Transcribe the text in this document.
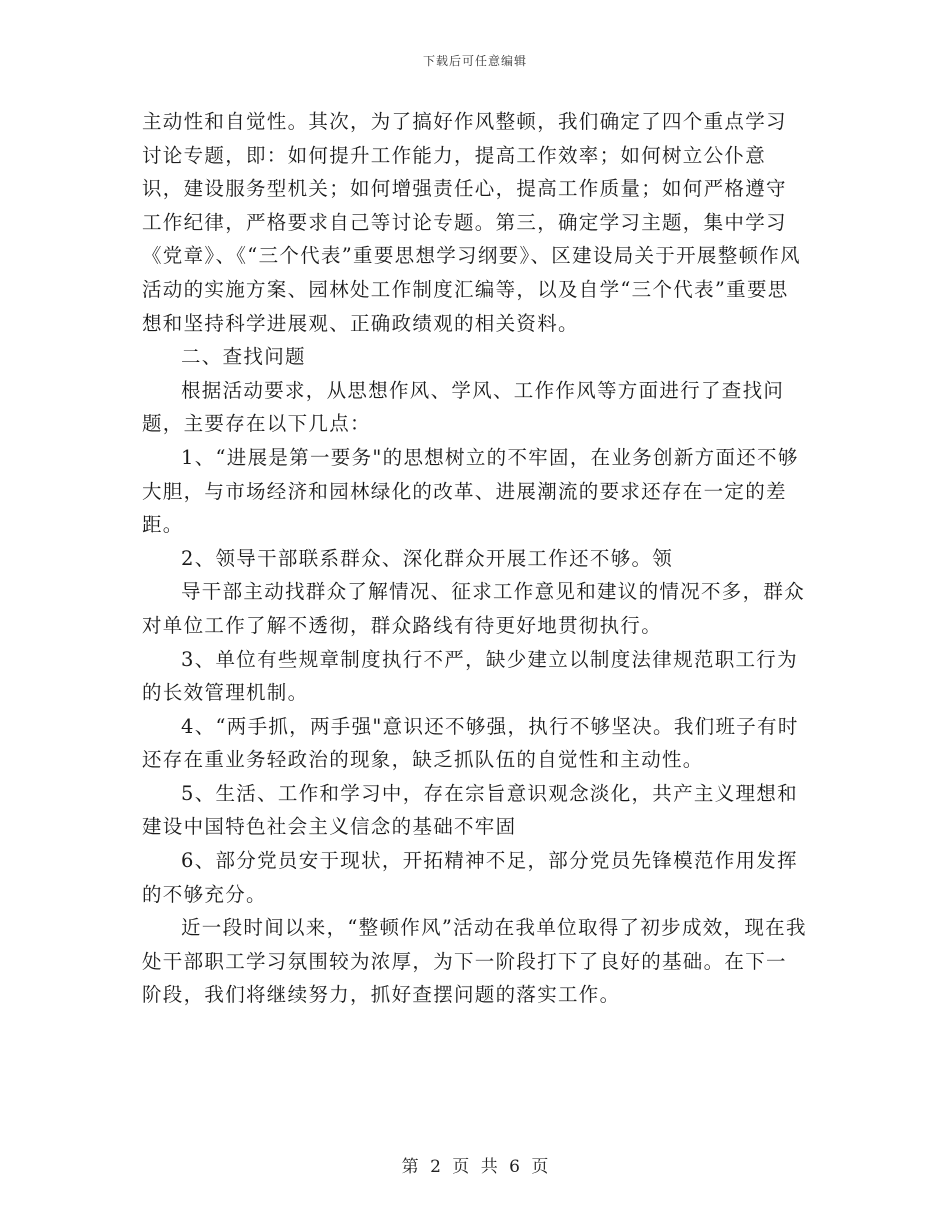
下载后可任意编辑

主动性和自觉性。其次，为了搞好作风整顿，我们确定了四个重点学习讨论专题，即：如何提升工作能力，提高工作效率；如何树立公仆意识，建设服务型机关；如何增强责任心，提高工作质量；如何严格遵守工作纪律，严格要求自己等讨论专题。第三，确定学习主题，集中学习《党章》、《“三个代表”重要思想学习纲要》、区建设局关于开展整顿作风活动的实施方案、园林处工作制度汇编等，以及自学“三个代表”重要思想和坚持科学进展观、正确政绩观的相关资料。

二、查找问题

根据活动要求，从思想作风、学风、工作作风等方面进行了查找问题，主要存在以下几点：

1、“进展是第一要务"的思想树立的不牢固，在业务创新方面还不够大胆，与市场经济和园林绿化的改革、进展潮流的要求还存在一定的差距。

2、领导干部联系群众、深化群众开展工作还不够。领

导干部主动找群众了解情况、征求工作意见和建议的情况不多，群众对单位工作了解不透彻，群众路线有待更好地贯彻执行。

3、单位有些规章制度执行不严，缺少建立以制度法律规范职工行为的长效管理机制。

4、“两手抓，两手强"意识还不够强，执行不够坚决。我们班子有时还存在重业务轻政治的现象，缺乏抓队伍的自觉性和主动性。

5、生活、工作和学习中，存在宗旨意识观念淡化，共产主义理想和建设中国特色社会主义信念的基础不牢固

6、部分党员安于现状，开拓精神不足，部分党员先锋模范作用发挥的不够充分。

近一段时间以来，“整顿作风”活动在我单位取得了初步成效，现在我处干部职工学习氛围较为浓厚，为下一阶段打下了良好的基础。在下一阶段，我们将继续努力，抓好查摆问题的落实工作。

第 2 页 共 6 页
